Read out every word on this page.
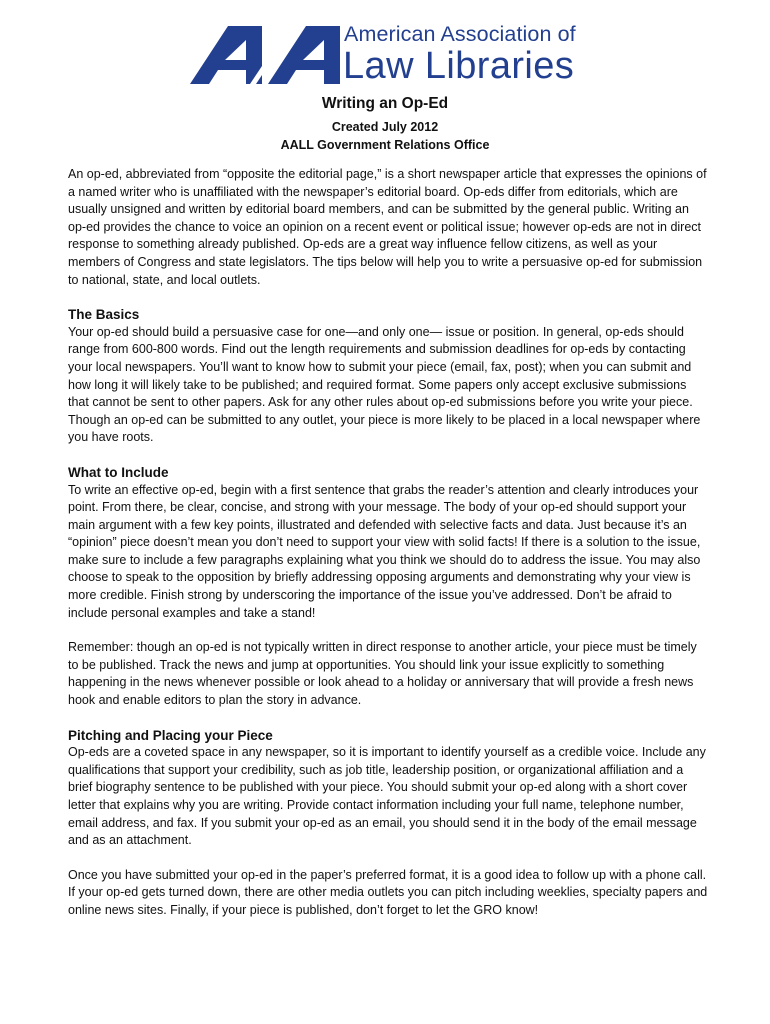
American Association of
Law Libraries
Writing an Op-Ed
Created July 2012
AALL Government Relations Office

An op-ed, abbreviated from “opposite the editorial page,” is a short newspaper article that expresses the opinions of a named writer who is unaffiliated with the newspaper’s editorial board. Op-eds differ from editorials, which are usually unsigned and written by editorial board members, and can be submitted by the general public. Writing an op-ed provides the chance to voice an opinion on a recent event or political issue; however op-eds are not in direct response to something already published. Op-eds are a great way influence fellow citizens, as well as your members of Congress and state legislators. The tips below will help you to write a persuasive op-ed for submission to national, state, and local outlets.

The Basics

Your op-ed should build a persuasive case for one—and only one— issue or position. In general, op-eds should range from 600-800 words. Find out the length requirements and submission deadlines for op-eds by contacting your local newspapers. You’ll want to know how to submit your piece (email, fax, post); when you can submit and how long it will likely take to be published; and required format. Some papers only accept exclusive submissions that cannot be sent to other papers. Ask for any other rules about op-ed submissions before you write your piece. Though an op-ed can be submitted to any outlet, your piece is more likely to be placed in a local newspaper where you have roots.

What to Include

To write an effective op-ed, begin with a first sentence that grabs the reader’s attention and clearly introduces your point. From there, be clear, concise, and strong with your message. The body of your op-ed should support your main argument with a few key points, illustrated and defended with selective facts and data. Just because it’s an “opinion” piece doesn’t mean you don’t need to support your view with solid facts! If there is a solution to the issue, make sure to include a few paragraphs explaining what you think we should do to address the issue. You may also choose to speak to the opposition by briefly addressing opposing arguments and demonstrating why your view is more credible. Finish strong by underscoring the importance of the issue you’ve addressed. Don’t be afraid to include personal examples and take a stand!

Remember: though an op-ed is not typically written in direct response to another article, your piece must be timely to be published. Track the news and jump at opportunities. You should link your issue explicitly to something happening in the news whenever possible or look ahead to a holiday or anniversary that will provide a fresh news hook and enable editors to plan the story in advance.

Pitching and Placing your Piece

Op-eds are a coveted space in any newspaper, so it is important to identify yourself as a credible voice. Include any qualifications that support your credibility, such as job title, leadership position, or organizational affiliation and a brief biography sentence to be published with your piece. You should submit your op-ed along with a short cover letter that explains why you are writing. Provide contact information including your full name, telephone number, email address, and fax. If you submit your op-ed as an email, you should send it in the body of the email message and as an attachment.

Once you have submitted your op-ed in the paper’s preferred format, it is a good idea to follow up with a phone call. If your op-ed gets turned down, there are other media outlets you can pitch including weeklies, specialty papers and online news sites. Finally, if your piece is published, don’t forget to let the GRO know!
